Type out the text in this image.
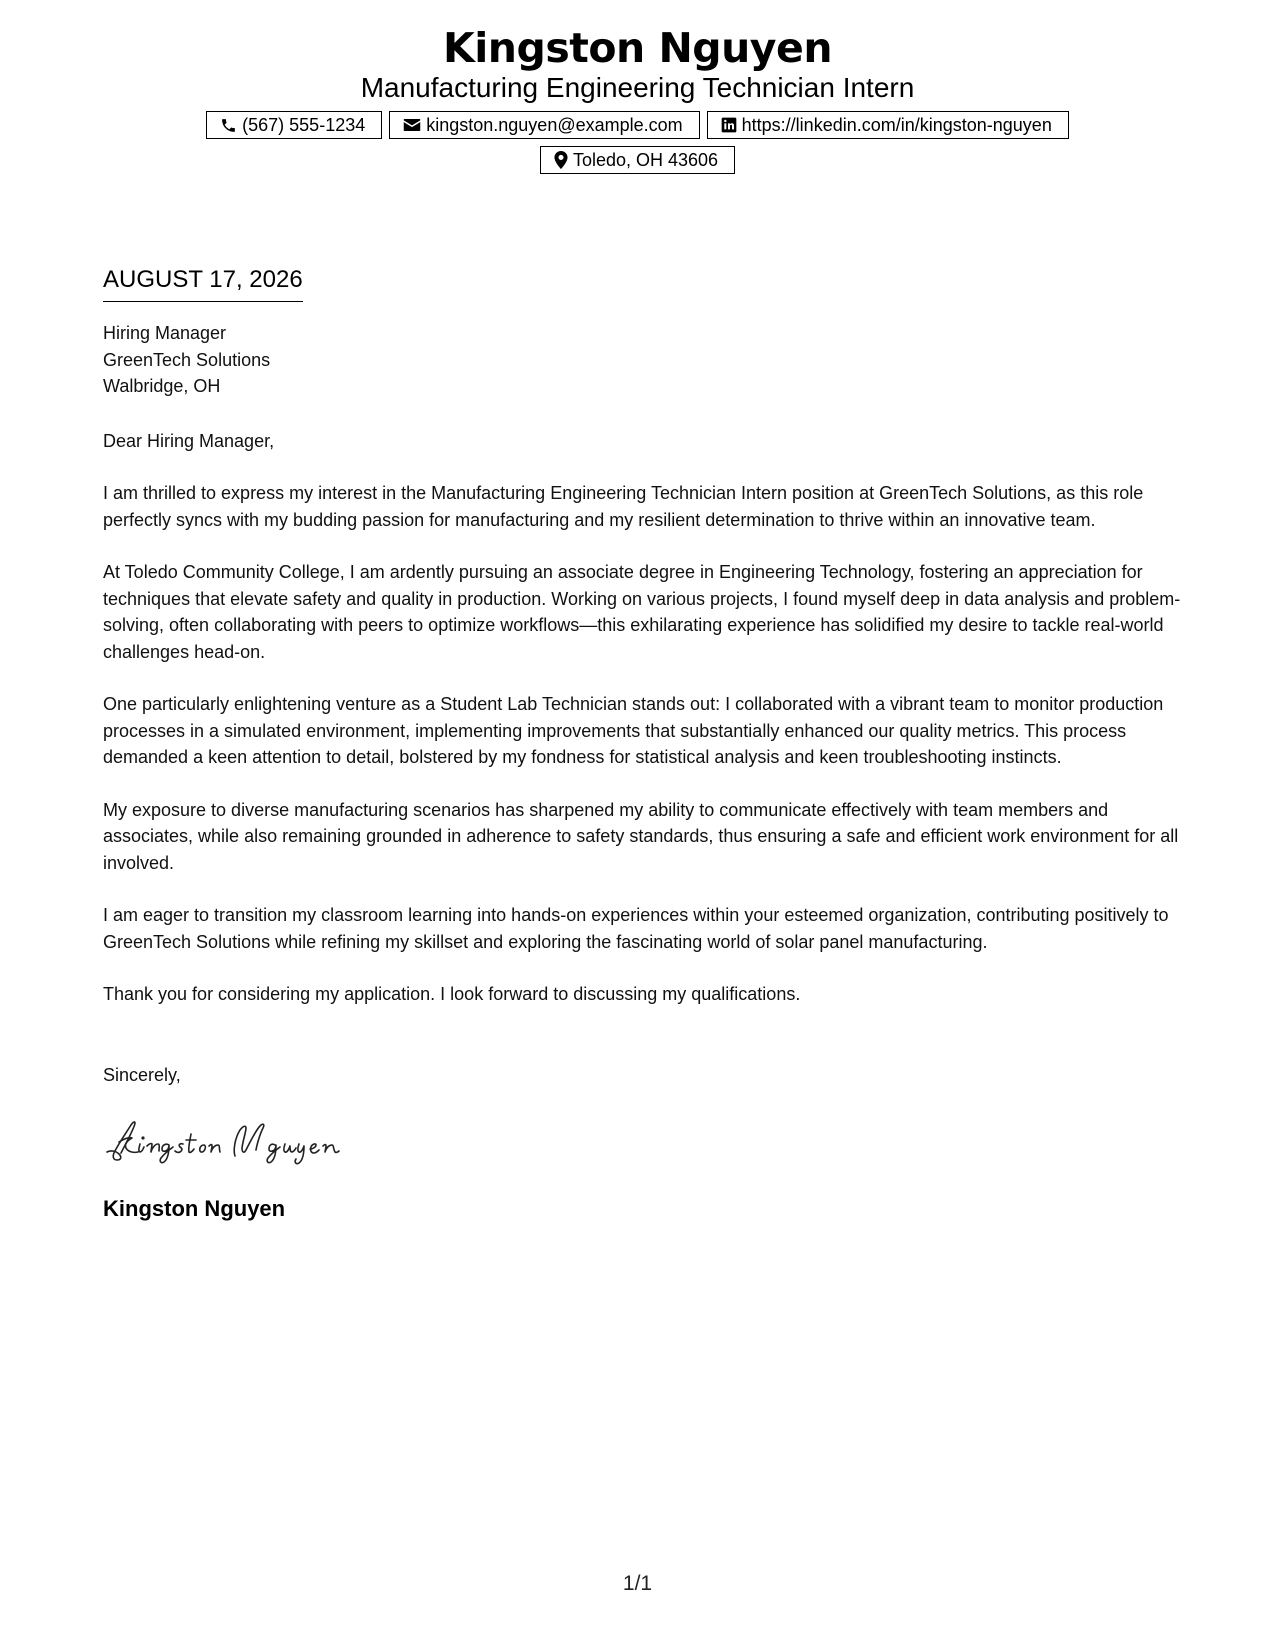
Kingston Nguyen
Manufacturing Engineering Technician Intern
(567) 555-1234	kingston.nguyen@example.com	https://linkedin.com/in/kingston-nguyen
Toledo, OH 43606
AUGUST 17, 2026
Hiring Manager
GreenTech Solutions
Walbridge, OH
Dear Hiring Manager,
I am thrilled to express my interest in the Manufacturing Engineering Technician Intern position at GreenTech Solutions, as this role perfectly syncs with my budding passion for manufacturing and my resilient determination to thrive within an innovative team.
At Toledo Community College, I am ardently pursuing an associate degree in Engineering Technology, fostering an appreciation for techniques that elevate safety and quality in production. Working on various projects, I found myself deep in data analysis and problem-solving, often collaborating with peers to optimize workflows—this exhilarating experience has solidified my desire to tackle real-world challenges head-on.
One particularly enlightening venture as a Student Lab Technician stands out: I collaborated with a vibrant team to monitor production processes in a simulated environment, implementing improvements that substantially enhanced our quality metrics. This process demanded a keen attention to detail, bolstered by my fondness for statistical analysis and keen troubleshooting instincts.
My exposure to diverse manufacturing scenarios has sharpened my ability to communicate effectively with team members and associates, while also remaining grounded in adherence to safety standards, thus ensuring a safe and efficient work environment for all involved.
I am eager to transition my classroom learning into hands-on experiences within your esteemed organization, contributing positively to GreenTech Solutions while refining my skillset and exploring the fascinating world of solar panel manufacturing.
Thank you for considering my application. I look forward to discussing my qualifications.
Sincerely,
Kingston Nguyen
1/1
